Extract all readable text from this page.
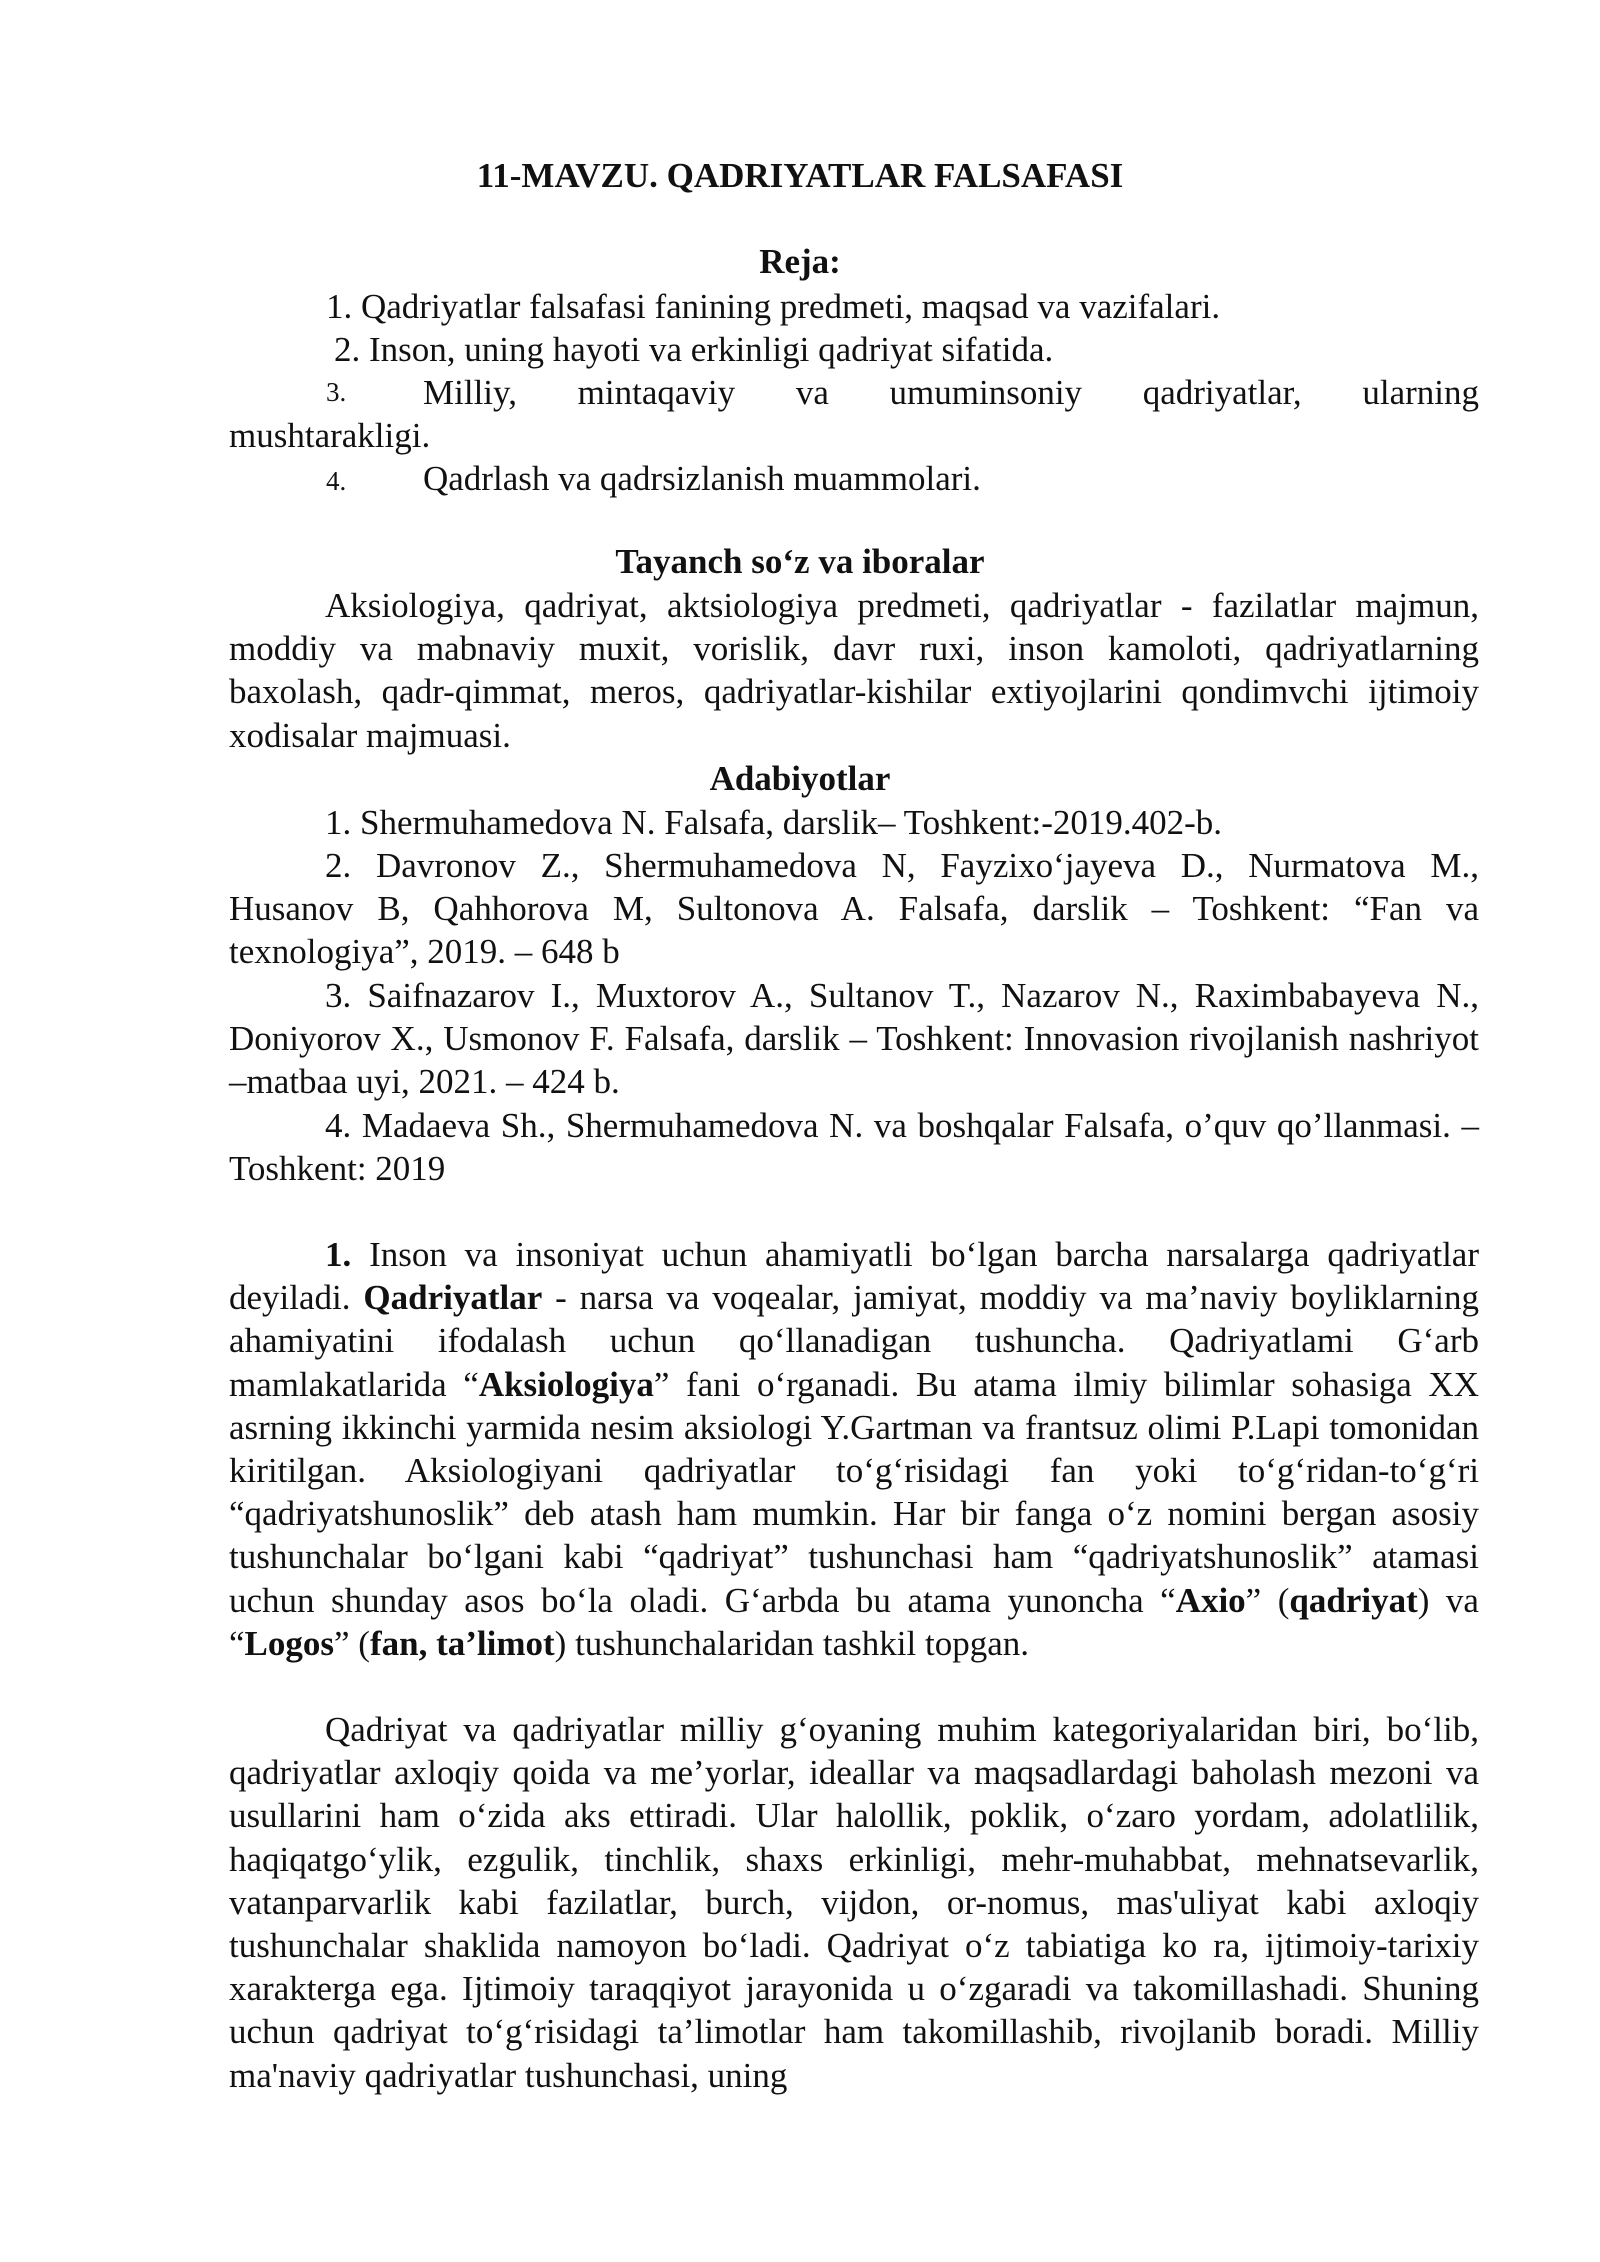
11-MAVZU. QADRIYATLAR FALSAFASI
Reja:
1. Qadriyatlar falsafasi fanining predmeti, maqsad va vazifalari.
2. Inson, uning hayoti va erkinligi qadriyat sifatida.
3.	Milliy, mintaqaviy va umuminsoniy qadriyatlar, ularning
mushtarakligi.
4. Qadrlash va qadrsizlanish muammolari.
Tayanch so‘z va iboralar

Aksiologiya, qadriyat, aktsiologiya predmeti, qadriyatlar - fazilatlar majmun, moddiy va mabnaviy muxit, vorislik, davr ruxi, inson kamoloti, qadriyatlarning baxolash, qadr-qimmat, meros, qadriyatlar-kishilar extiyojlarini qondimvchi ijtimoiy xodisalar majmuasi.

Adabiyotlar

1. Shermuhamedova N. Falsafa, darslik– Toshkent:-2019.402-b.

2. Davronov Z., Shermuhamedova N, Fayzixo‘jayeva D., Nurmatova M., Husanov B, Qahhorova M, Sultonova A. Falsafa, darslik – Toshkent: “Fan va texnologiya”, 2019. – 648 b

3. Saifnazarov I., Muxtorov A., Sultanov T., Nazarov N., Raximbabayeva N., Doniyorov X., Usmonov F. Falsafa, darslik – Toshkent: Innovasion rivojlanish nashriyot –matbaa uyi, 2021. – 424 b.

4. Madaeva Sh., Shermuhamedova N. va boshqalar Falsafa, o’quv qo’llanmasi. –Toshkent: 2019

1. Inson va insoniyat uchun ahamiyatli bo‘lgan barcha narsalarga qadriyatlar deyiladi. Qadriyatlar - narsa va voqealar, jamiyat, moddiy va ma’naviy boyliklarning ahamiyatini ifodalash uchun qo‘llanadigan tushuncha. Qadriyatlami G‘arb mamlakatlarida “Aksiologiya” fani o‘rganadi. Bu atama ilmiy bilimlar sohasiga XX asrning ikkinchi yarmida nesim aksiologi Y.Gartman va frantsuz olimi P.Lapi tomonidan kiritilgan. Aksiologiyani qadriyatlar to‘g‘risidagi fan yoki to‘g‘ridan-to‘g‘ri “qadriyatshunoslik” deb atash ham mumkin. Har bir fanga o‘z nomini bergan asosiy tushunchalar bo‘lgani kabi “qadriyat” tushunchasi ham “qadriyatshunoslik” atamasi uchun shunday asos bo‘la oladi. G‘arbda bu atama yunoncha “Axio” (qadriyat) va “Logos” (fan, ta’limot) tushunchalaridan tashkil topgan.

Qadriyat va qadriyatlar milliy g‘oyaning muhim kategoriyalaridan biri, bo‘lib, qadriyatlar axloqiy qoida va me’yorlar, ideallar va maqsadlardagi baholash mezoni va usullarini ham o‘zida aks ettiradi. Ular halollik, poklik, o‘zaro yordam, adolatlilik, haqiqatgo‘ylik, ezgulik, tinchlik, shaxs erkinligi, mehr-muhabbat, mehnatsevarlik, vatanparvarlik kabi fazilatlar, burch, vijdon, or-nomus, mas'uliyat kabi axloqiy tushunchalar shaklida namoyon bo‘ladi. Qadriyat o‘z tabiatiga ko ra, ijtimoiy-tarixiy xarakterga ega. Ijtimoiy taraqqiyot jarayonida u o‘zgaradi va takomillashadi. Shuning uchun qadriyat to‘g‘risidagi ta’limotlar ham takomillashib, rivojlanib boradi. Milliy ma'naviy qadriyatlar tushunchasi, uning
